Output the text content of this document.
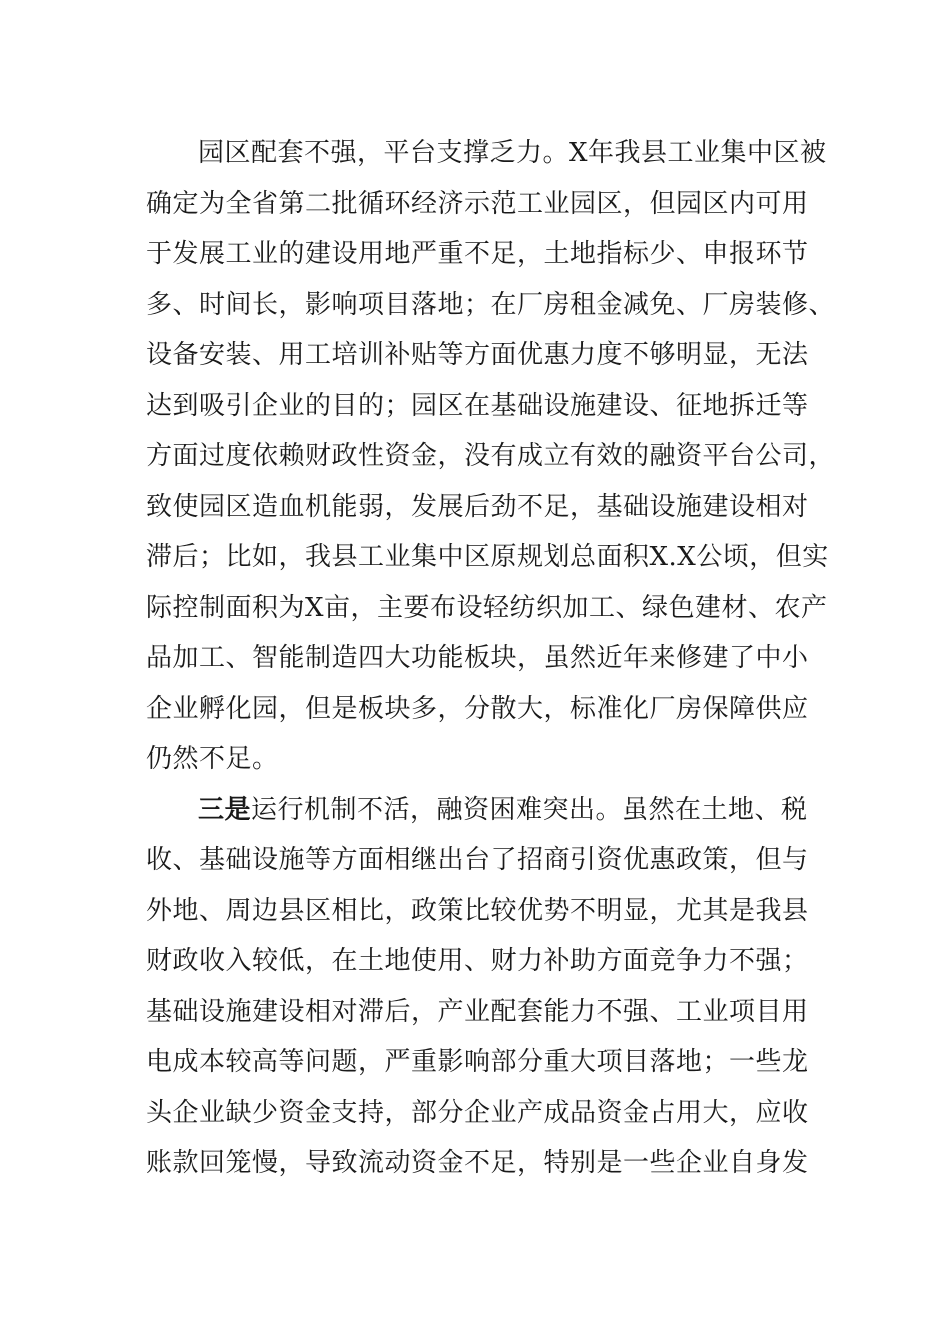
园区配套不强，平台支撑乏力。X年我县工业集中区被
确定为全省第二批循环经济示范工业园区，但园区内可用
于发展工业的建设用地严重不足，土地指标少、申报环节
多、时间长，影响项目落地；在厂房租金减免、厂房装修、
设备安装、用工培训补贴等方面优惠力度不够明显，无法
达到吸引企业的目的；园区在基础设施建设、征地拆迁等
方面过度依赖财政性资金，没有成立有效的融资平台公司，
致使园区造血机能弱，发展后劲不足，基础设施建设相对
滞后；比如，我县工业集中区原规划总面积X.X公顷，但实
际控制面积为X亩，主要布设轻纺织加工、绿色建材、农产
品加工、智能制造四大功能板块，虽然近年来修建了中小
企业孵化园，但是板块多，分散大，标准化厂房保障供应
仍然不足。
三是运行机制不活，融资困难突出。虽然在土地、税
收、基础设施等方面相继出台了招商引资优惠政策，但与
外地、周边县区相比，政策比较优势不明显，尤其是我县
财政收入较低，在土地使用、财力补助方面竞争力不强；
基础设施建设相对滞后，产业配套能力不强、工业项目用
电成本较高等问题，严重影响部分重大项目落地；一些龙
头企业缺少资金支持，部分企业产成品资金占用大，应收
账款回笼慢，导致流动资金不足，特别是一些企业自身发
